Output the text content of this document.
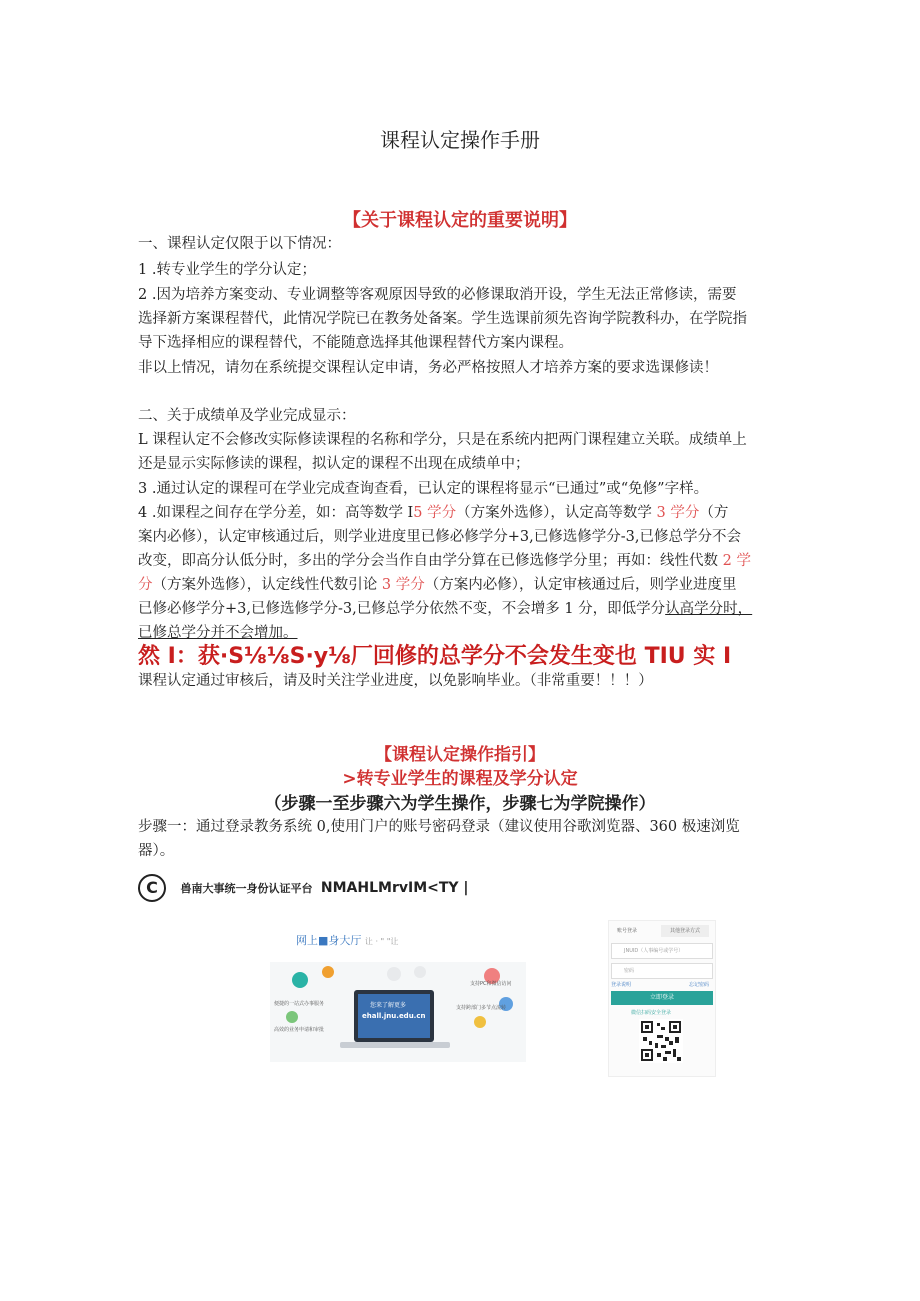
课程认定操作手册
【关于课程认定的重要说明】
一、课程认定仅限于以下情况：
1 .转专业学生的学分认定；
2 .因为培养方案变动、专业调整等客观原因导致的必修课取消开设，学生无法正常修读，需要
选择新方案课程替代，此情况学院已在教务处备案。学生选课前须先咨询学院教科办，在学院指
导下选择相应的课程替代，不能随意选择其他课程替代方案内课程。
非以上情况，请勿在系统提交课程认定申请，务必严格按照人才培养方案的要求选课修读！
二、关于成绩单及学业完成显示：
L 课程认定不会修改实际修读课程的名称和学分，只是在系统内把两门课程建立关联。成绩单上
还是显示实际修读的课程，拟认定的课程不出现在成绩单中；
3 .通过认定的课程可在学业完成查询查看，已认定的课程将显示“已通过”或“免修”字样。
4 .如课程之间存在学分差，如：高等数学 I5 学分（方案外选修），认定高等数学 3 学分（方
案内必修），认定审核通过后，则学业进度里已修必修学分+3,已修选修学分-3,已修总学分不会
改变，即高分认低分时，多出的学分会当作自由学分算在已修选修学分里；再如：线性代数 2 学
分（方案外选修），认定线性代数引论 3 学分（方案内必修），认定审核通过后，则学业进度里
已修必修学分+3,已修选修学分-3,已修总学分依然不变，不会增多 1 分，即低学分认高学分时，
已修总学分并不会增加。
然 I：获·S⅛⅛S·y⅛厂回修的总学分不会发生变也 TIU 实 I
课程认定通过审核后，请及时关注学业进度，以免影响毕业。（非常重要！！！）
【课程认定操作指引】
>转专业学生的课程及学分认定
（步骤一至步骤六为学生操作，步骤七为学院操作）
步骤一：通过登录教务系统 0,使用门户的账号密码登录（建议使用谷歌浏览器、360 极速浏览
器）。
C 兽南大事统一身份认证平台 NMAHLMrvIM<TY |
网上■身大厅 让 · " "让
您来了解更多
ehall.jnu.edu.cn
便捷的一站式办事服务
高效的业务申请和审批
支持PC和微信访问
支持跨部门多节点流转
账号登录	其他登录方式
JNUID（人事编号或学号）
密码
登录说明	忘记密码
立即登录
微信扫码安全登录
